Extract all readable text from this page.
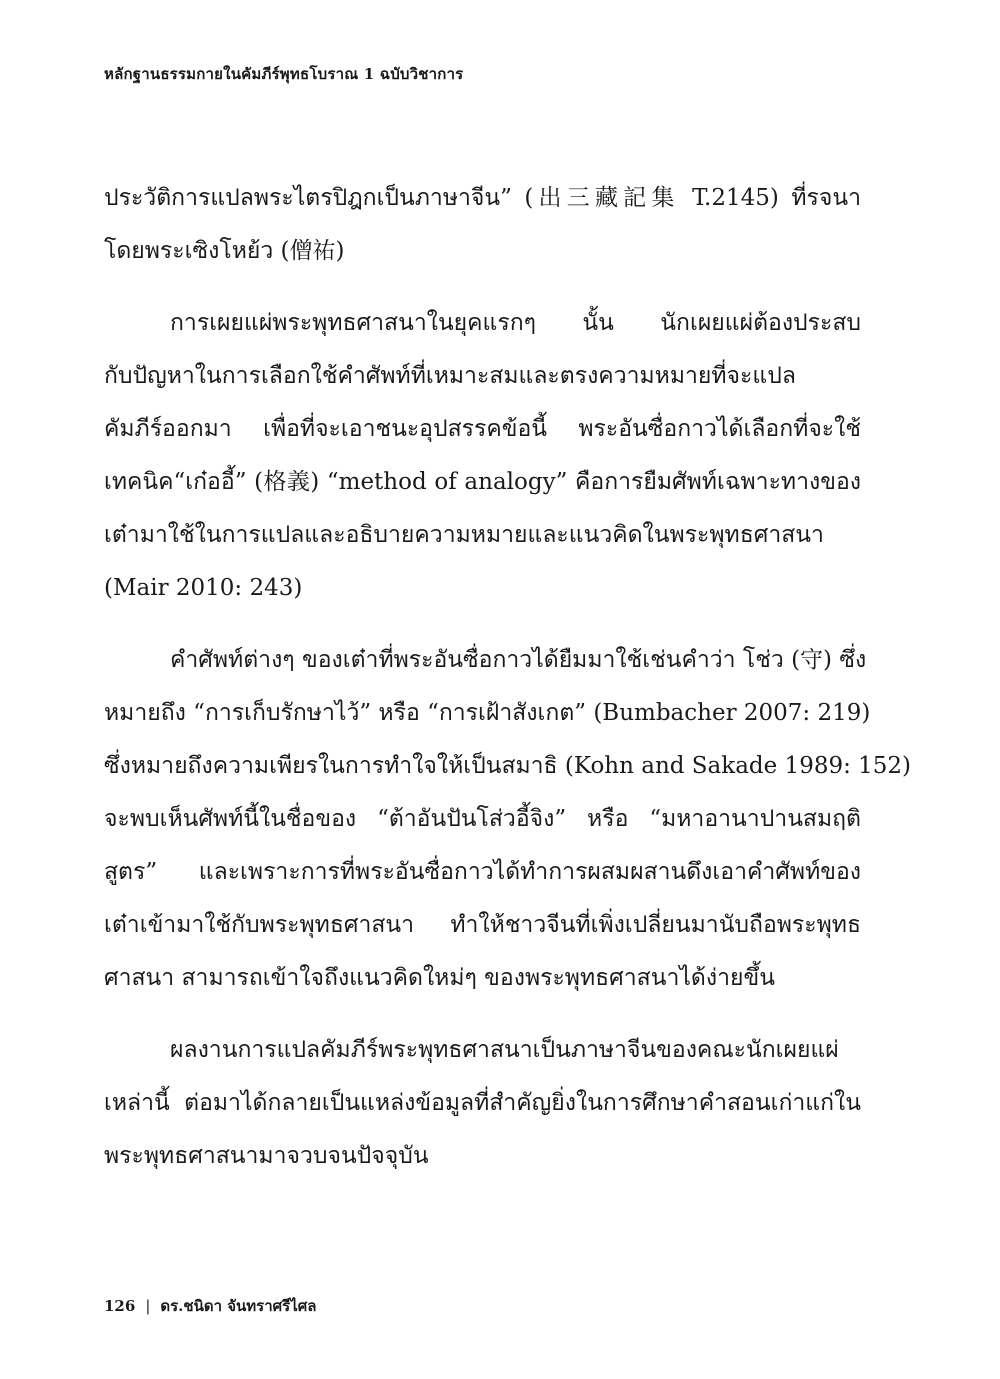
หลักฐานธรรมกายในคัมภีร์พุทธโบราณ 1 ฉบับวิชาการ

ประวัติการแปลพระไตรปิฎกเป็นภาษาจีน” (出三藏記集 T.2145) ที่รจนา
โดยพระเซิงโหย้ว (僧祐)

การเผยแผ่พระพุทธศาสนาในยุคแรกๆ นั้น นักเผยแผ่ต้องประสบ
กับปัญหาในการเลือกใช้คำศัพท์ที่เหมาะสมและตรงความหมายที่จะแปล
คัมภีร์ออกมา เพื่อที่จะเอาชนะอุปสรรคข้อนี้ พระอันซื่อกาวได้เลือกที่จะใช้
เทคนิค“เก๋ออี้” (格義) “method of analogy” คือการยืมศัพท์เฉพาะทางของ
เต๋ามาใช้ในการแปลและอธิบายความหมายและแนวคิดในพระพุทธศาสนา
(Mair 2010: 243)

คำศัพท์ต่างๆ ของเต๋าที่พระอันซื่อกาวได้ยืมมาใช้เช่นคำว่า โช่ว (守) ซึ่ง
หมายถึง “การเก็บรักษาไว้” หรือ “การเฝ้าสังเกต” (Bumbacher 2007: 219)
ซึ่งหมายถึงความเพียรในการทำใจให้เป็นสมาธิ (Kohn and Sakade 1989: 152)
จะพบเห็นศัพท์นี้ในชื่อของ “ต้าอันปันโส่วอี้จิง” หรือ “มหาอานาปานสมฤติ
สูตร” และเพราะการที่พระอันซื่อกาวได้ทำการผสมผสานดึงเอาคำศัพท์ของ
เต๋าเข้ามาใช้กับพระพุทธศาสนา ทำให้ชาวจีนที่เพิ่งเปลี่ยนมานับถือพระพุทธ
ศาสนา สามารถเข้าใจถึงแนวคิดใหม่ๆ ของพระพุทธศาสนาได้ง่ายขึ้น

ผลงานการแปลคัมภีร์พระพุทธศาสนาเป็นภาษาจีนของคณะนักเผยแผ่
เหล่านี้ ต่อมาได้กลายเป็นแหล่งข้อมูลที่สำคัญยิ่งในการศึกษาคำสอนเก่าแก่ใน
พระพุทธศาสนามาจวบจนปัจจุบัน

126 | ดร.ชนิดา จันทราศรีไศล
